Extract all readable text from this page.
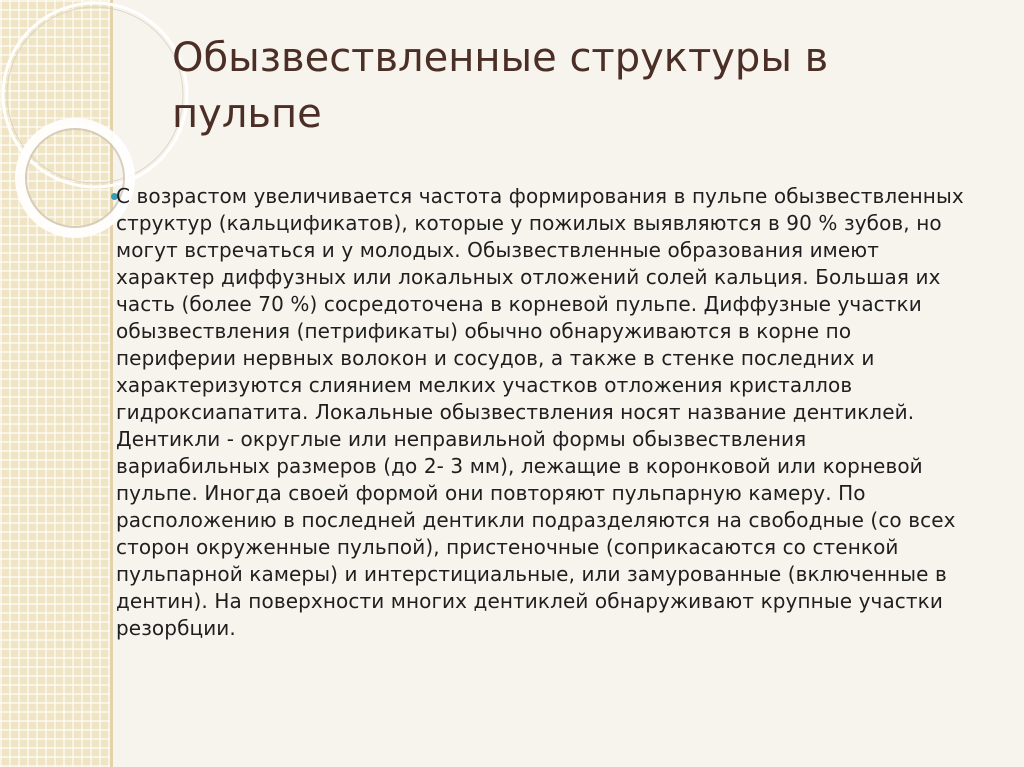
Обызвествленные структуры в пульпе

С возрастом увеличивается частота формирования в пульпе обызвествленных структур (кальцификатов), которые у пожилых выявляются в 90 % зубов, но могут встречаться и у молодых. Обызвествленные образования имеют характер диффузных или локальных отложений солей кальция. Большая их часть (более 70 %) сосредоточена в корневой пульпе. Диффузные участки обызвествления (петрификаты) обычно обнаруживаются в корне по периферии нервных волокон и сосудов, а также в стенке последних и характеризуются слиянием мелких участков отложения кристаллов гидроксиапатита. Локальные обызвествления носят название дентиклей. Дентикли - округлые или неправильной формы обызвествления вариабильных размеров (до 2- 3 мм), лежащие в коронковой или корневой пульпе. Иногда своей формой они повторяют пульпарную камеру. По расположению в последней дентикли подразделяются на свободные (со всех сторон окруженные пульпой), пристеночные (соприкасаются со стенкой пульпарной камеры) и интерстициальные, или замурованные (включенные в дентин). На поверхности многих дентиклей обнаруживают крупные участки резорбции.
